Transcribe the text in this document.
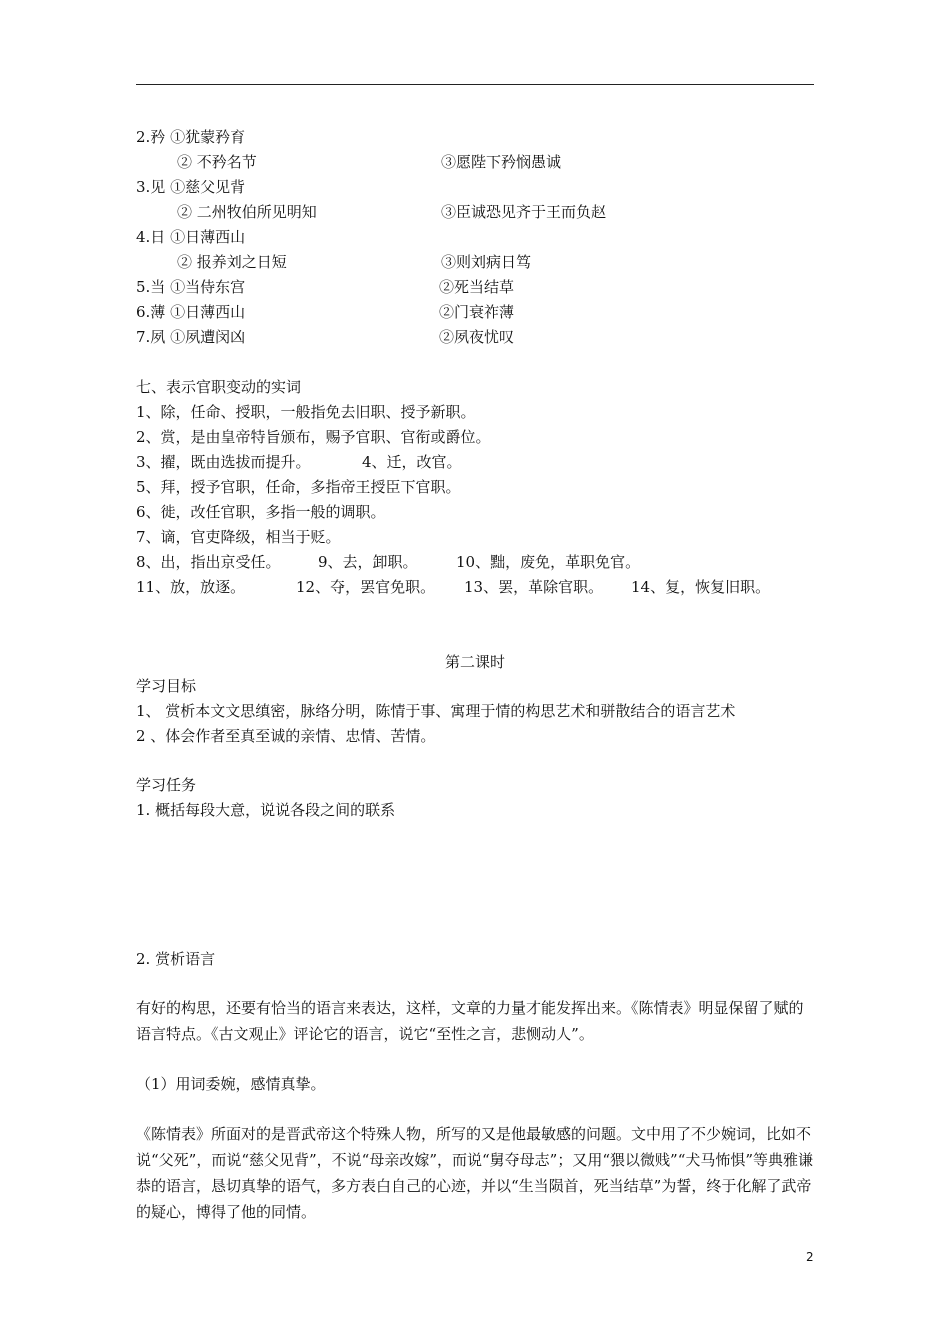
2.矜 ①犹蒙矜育
② 不矜名节	③愿陛下矜悯愚诚
3.见 ①慈父见背
② 二州牧伯所见明知	③臣诚恐见齐于王而负赵
4.日 ①日薄西山
② 报养刘之日短	③则刘病日笃
5.当 ①当侍东宫	②死当结草
6.薄 ①日薄西山	②门衰祚薄
7.夙 ①夙遭闵凶	②夙夜忧叹
七、表示官职变动的实词
1、除，任命、授职，一般指免去旧职、授予新职。
2、赏，是由皇帝特旨颁布，赐予官职、官衔或爵位。
3、擢，既由选拔而提升。	4、迁，改官。
5、拜，授予官职，任命，多指帝王授臣下官职。
6、徙，改任官职，多指一般的调职。
7、谪，官吏降级，相当于贬。
8、出，指出京受任。 9、去，卸职。	10、黜，废免，革职免官。
11、放，放逐。	12、夺，罢官免职。 13、罢，革除官职。 14、复，恢复旧职。
第二课时
学习目标
1、 赏析本文文思缜密，脉络分明，陈情于事、寓理于情的构思艺术和骈散结合的语言艺术
2 、体会作者至真至诚的亲情、忠情、苦情。
学习任务
1. 概括每段大意，说说各段之间的联系
2. 赏析语言
有好的构思，还要有恰当的语言来表达，这样，文章的力量才能发挥出来。《陈情表》明显保留了赋的语言特点。《古文观止》评论它的语言，说它“至性之言，悲恻动人”。
（1）用词委婉，感情真挚。
《陈情表》所面对的是晋武帝这个特殊人物，所写的又是他最敏感的问题。文中用了不少婉词，比如不说“父死”，而说“慈父见背”，不说“母亲改嫁”，而说“舅夺母志”；又用“猥以微贱”“犬马怖惧”等典雅谦恭的语言，恳切真挚的语气，多方表白自己的心迹，并以“生当陨首，死当结草”为誓，终于化解了武帝的疑心，博得了他的同情。
2
